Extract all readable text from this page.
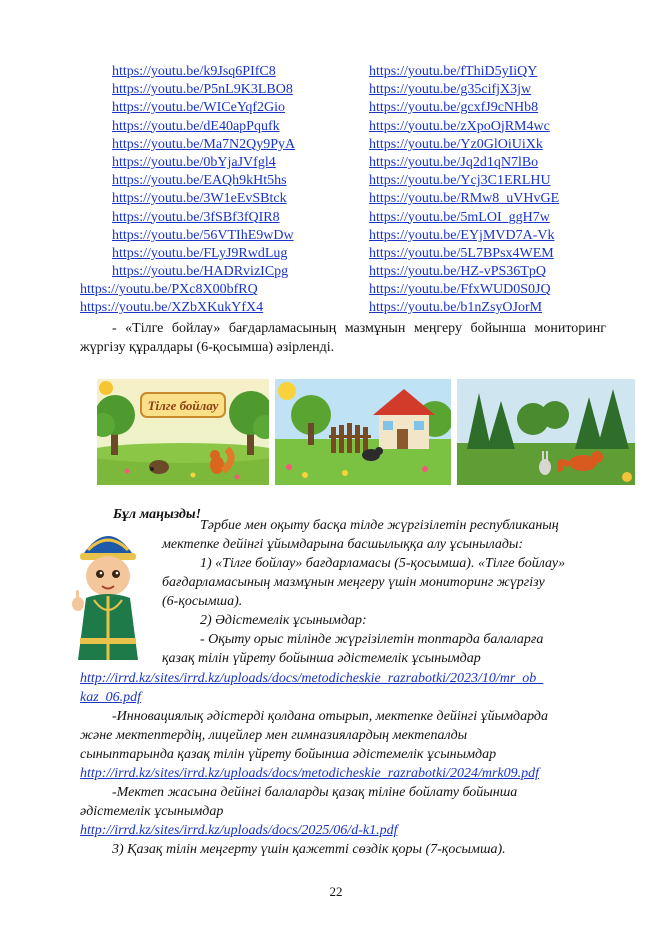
https://youtu.be/k9Jsq6PIfC8
https://youtu.be/P5nL9K3LBO8
https://youtu.be/WICeYqf2Gio
https://youtu.be/dE40apPqufk
https://youtu.be/Ma7N2Qy9PyA
https://youtu.be/0bYjaJVfgl4
https://youtu.be/EAQh9kHt5hs
https://youtu.be/3W1eEvSBtck
https://youtu.be/3fSBf3fQIR8
https://youtu.be/56VTIhE9wDw
https://youtu.be/FLyJ9RwdLug
https://youtu.be/HADRvizICpg
https://youtu.be/PXc8X00bfRQ
https://youtu.be/XZbXKukYfX4
https://youtu.be/fThiD5yIiQY
https://youtu.be/g35cifjX3jw
https://youtu.be/gcxfJ9cNHb8
https://youtu.be/zXpoOjRM4wc
https://youtu.be/Yz0GlOiUiXk
https://youtu.be/Jq2d1qN7lBo
https://youtu.be/Ycj3C1ERLHU
https://youtu.be/RMw8_uVHvGE
https://youtu.be/5mLOI_ggH7w
https://youtu.be/EYjMVD7A-Vk
https://youtu.be/5L7BPsx4WEM
https://youtu.be/HZ-vPS36TpQ
https://youtu.be/FfxWUD0S0JQ
https://youtu.be/b1nZsyOJorM
- «Тілге бойлау» бағдарламасының мазмұнын меңгеру бойынша мониторинг жүргізу құралдары (6-қосымша) әзірленді.
Тілге бойлау
Бұл маңызды!
Тәрбие мен оқыту басқа тілде жүргізілетін республиканың
мектепке дейінгі ұйымдарына басшылыққа алу ұсынылады:
1) «Тілге бойлау» бағдарламасы (5-қосымша). «Тілге бойлау»
бағдарламасының мазмұнын меңгеру үшін мониторинг жүргізу
(6-қосымша).
2) Әдістемелік ұсынымдар:
- Оқыту орыс тілінде жүргізілетін топтарда балаларға
қазақ тілін үйрету бойынша әдістемелік ұсынымдар
http://irrd.kz/sites/irrd.kz/uploads/docs/metodicheskie_razrabotki/2023/10/mr_ob_
kaz_06.pdf
-Инновациялық әдістерді қолдана отырып, мектепке дейінгі ұйымдарда
және мектептердің, лицейлер мен гимназиялардың мектепалды
сыныптарында қазақ тілін үйрету бойынша әдістемелік ұсынымдар
http://irrd.kz/sites/irrd.kz/uploads/docs/metodicheskie_razrabotki/2024/mrk09.pdf
-Мектеп жасына дейінгі балаларды қазақ тіліне бойлату бойынша
әдістемелік ұсынымдар
http://irrd.kz/sites/irrd.kz/uploads/docs/2025/06/d-k1.pdf
3) Қазақ тілін меңгерту үшін қажетті сөздік қоры (7-қосымша).
22
